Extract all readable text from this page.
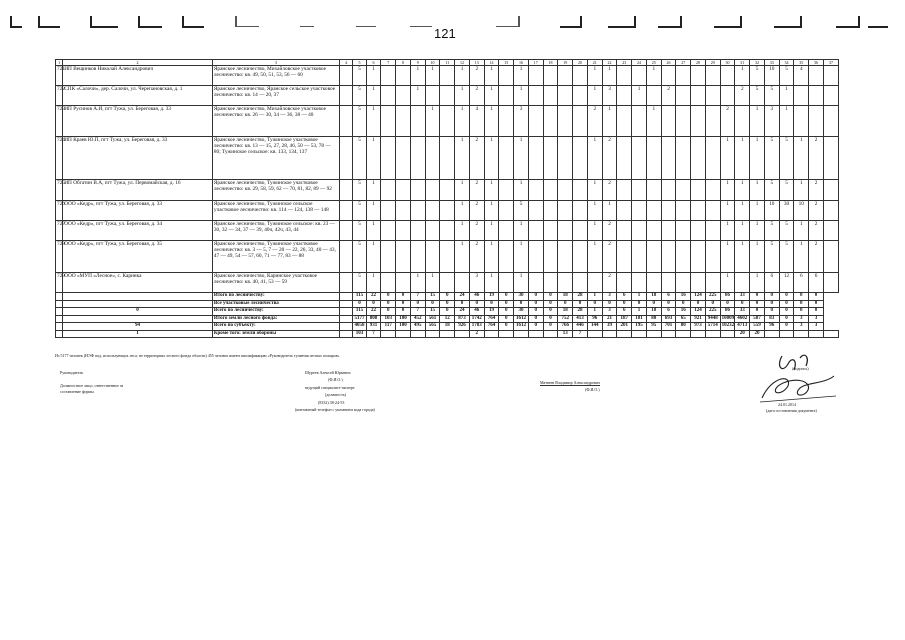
121
1	2	3	4	5	6	7	8	9	10	11	12	13	14	15	16	17	18	19	20	21	22	23	24	25	26	27	28	29	30	31	32	33	34	35	36	37
721	ИП Вещинков Николай Александрович	Яранское лесничество, Михайловское участковое лесничество: кв. 49, 50, 51, 53, 56 — 60		5	1			1	1		1	2	1		1					1	1			1						1	5	10	5	4		
722	СПК «Салочи», дер. Салочи, ул. Черепановская, д. 1	Яранское лесничество, Яранское сельское участковое лесничество: кв. 14 — 20, 37		5	1			1			1	2	1		1					1	3		1		2					2	5	5	1			
723	ИП Русинов А.И, пгт Тужа, ул. Береговая, д. 33	Яранское лесничество, Михайловское участковое лесничество: кв. 26 — 30, 34 — 36, 38 — 40		5	1				1		1	4	1		3					2	1			1					2		1	3	1			
724	ИП Краев Ю.П, пгт Тужа, ул. Береговая, д. 33	Яранское лесничество, Тужинское участковое лесничество: кв. 13 — 15, 27, 28, 46, 50 — 53, 78 — 80; Тужинское сельское: кв. 133, 134, 137		5	1						1	2	1		1					1	2								1	1	1	5	5	1	2	
725	ИП Обгатин В.А, пгт Тужа, ул. Первомайская, д. 16	Яранское лесничество, Тужинское участковое лесничество: кв. 29, 58, 59, 62 — 70, 81, 82, 89 — 92		5	1						1	2	1		1					1	2								1	1	1	5	5	1	2	
726	ООО «Кедр», пгт Тужа, ул. Береговая, д. 33	Яранское лесничество, Тужинское сельское участковое лесничество: кв. 114 — 124, 138 — 148		5	1						1	2	1		5					1	1								1	1	1	10	30	10	2	
727	ООО «Кедр», пгт Тужа, ул. Береговая, д. 34	Яранское лесничество, Тужинское сельское: кв. 23 — 30, 32 — 34, 37 — 39, 40ч, 42ч, 43, 44		5	1						1	2	1		1					1	2								1	1	1	5	5	1	2	
728	ООО «Кедр», пгт Тужа, ул. Береговая, д. 35	Яранское лесничество, Тужинское участковое лесничество: кв. 3 — 5, 7 — 20 — 22, 26, 33, 40 — 43, 47 — 49, 54 — 57, 60, 71 — 77, 83 — 88		5	1						1	2	1		1					1	2								1	1	1	5	5	1	2	
729	ООО «МУП «Лесное», с. Каринка	Яранское лесничество, Каринское участковое лесничество: кв. 40, 41, 53 — 59		5	1			1	1			3	1		1						2								1		1	6	12	6	6	
		Итого по лесничеству:		115	22	0	0	7	15	0	24	46	19	0	30	0	0	18	28	1	3	6	1	18	6	16	124	225	86	33	0	0	0	0	0	
		Все участковые лесничества		0	0	0	0	0	0	0	0	0	0	0	0	0	0	0	0	0	0	0	0	0	0	0	0	0	0	0	0	0	0	0	0	
	0	Всего по лесничеству:		115	22	0	0	7	15	0	24	46	19	0	30	0	0	18	28	1	3	6	1	18	6	16	124	225	86	33	0	0	0	0	0	
		Итого земли лесного фонда:		5177	808	103	100	452	561	12	873	1742	764	0	1612	0	0	752	413	96	21	187	181	80	693	65	921	9448	10009	4602	587	83	0	3	3	
	94	Всего по субъекту:		4058	931	117	100	495	565	18	926	1783	764	0	1612	0	0	766	446	144	39	201	195	95	701	80	973	5714	10232	4713	559	96	0	3	3	
	1	Кроме того: земли обороны		103	7							2						13	7											20	20					
Из 5177 человек (ИЭФ под, использующих леса, не территориях лесного фонда области) 455 человек имеют квалификацию «Руководитель тушения лесных пожаров»
Руководитель	Шуреев Алексей Юрьевич
(Ф.И.О.)
Должностное лицо, ответственное за составление формы
ведущий специалист-эксперт
(должность)
(8332) 38-24-53
(контактный телефон с указанием кода города)
Матвеев Владимир Александрович
(Ф.И.О.)
(подпись)
24.01.2014
(дата составления документа)
